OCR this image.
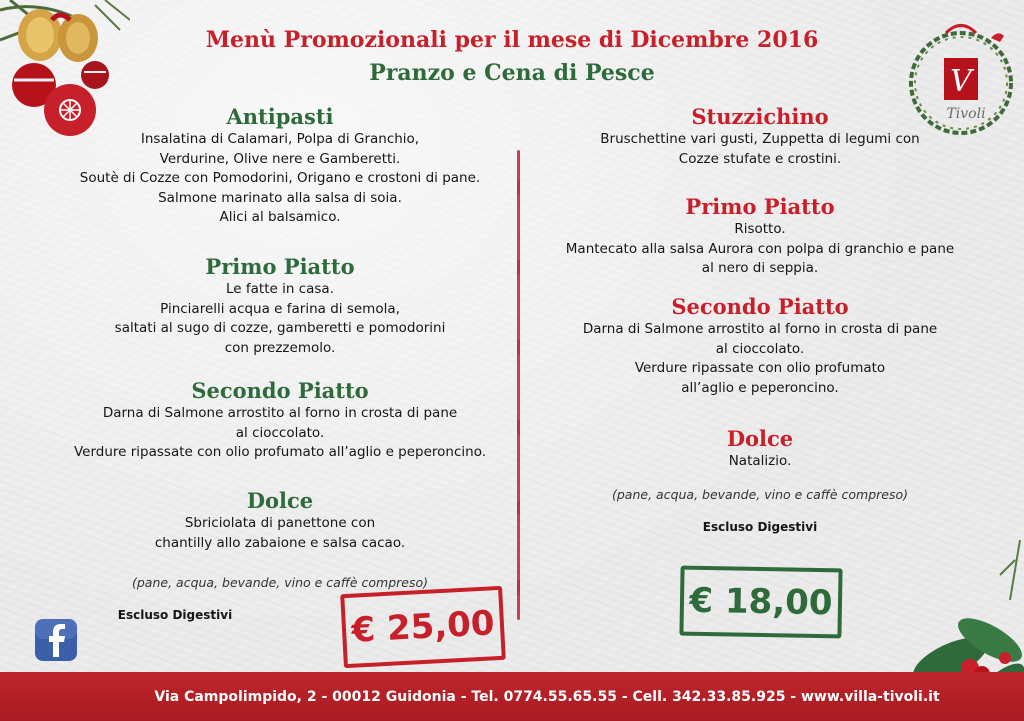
V
Tivoli
Menù Promozionali per il mese di Dicembre 2016
Pranzo e Cena di Pesce
Antipasti
Insalatina di Calamari, Polpa di Granchio,
Verdurine, Olive nere e Gamberetti.
Soutè di Cozze con Pomodorini, Origano e crostoni di pane.
Salmone marinato alla salsa di soia.
Alici al balsamico.
Primo Piatto
Le fatte in casa.
Pinciarelli acqua e farina di semola,
saltati al sugo di cozze, gamberetti e pomodorini
con prezzemolo.
Secondo Piatto
Darna di Salmone arrostito al forno in crosta di pane
al cioccolato.
Verdure ripassate con olio profumato all’aglio e peperoncino.
Dolce
Sbriciolata di panettone con
chantilly allo zabaione e salsa cacao.
(pane, acqua, bevande, vino e caffè compreso)
Escluso Digestivi
Stuzzichino
Bruschettine vari gusti, Zuppetta di legumi con
Cozze stufate e crostini.
Primo Piatto
Risotto.
Mantecato alla salsa Aurora con polpa di granchio e pane
al nero di seppia.
Secondo Piatto
Darna di Salmone arrostito al forno in crosta di pane
al cioccolato.
Verdure ripassate con olio profumato
all’aglio e peperoncino.
Dolce
Natalizio.
(pane, acqua, bevande, vino e caffè compreso)
Escluso Digestivi
€ 25,00
€ 18,00
Via Campolimpido, 2 - 00012 Guidonia - Tel. 0774.55.65.55 - Cell. 342.33.85.925 - www.villa-tivoli.it
